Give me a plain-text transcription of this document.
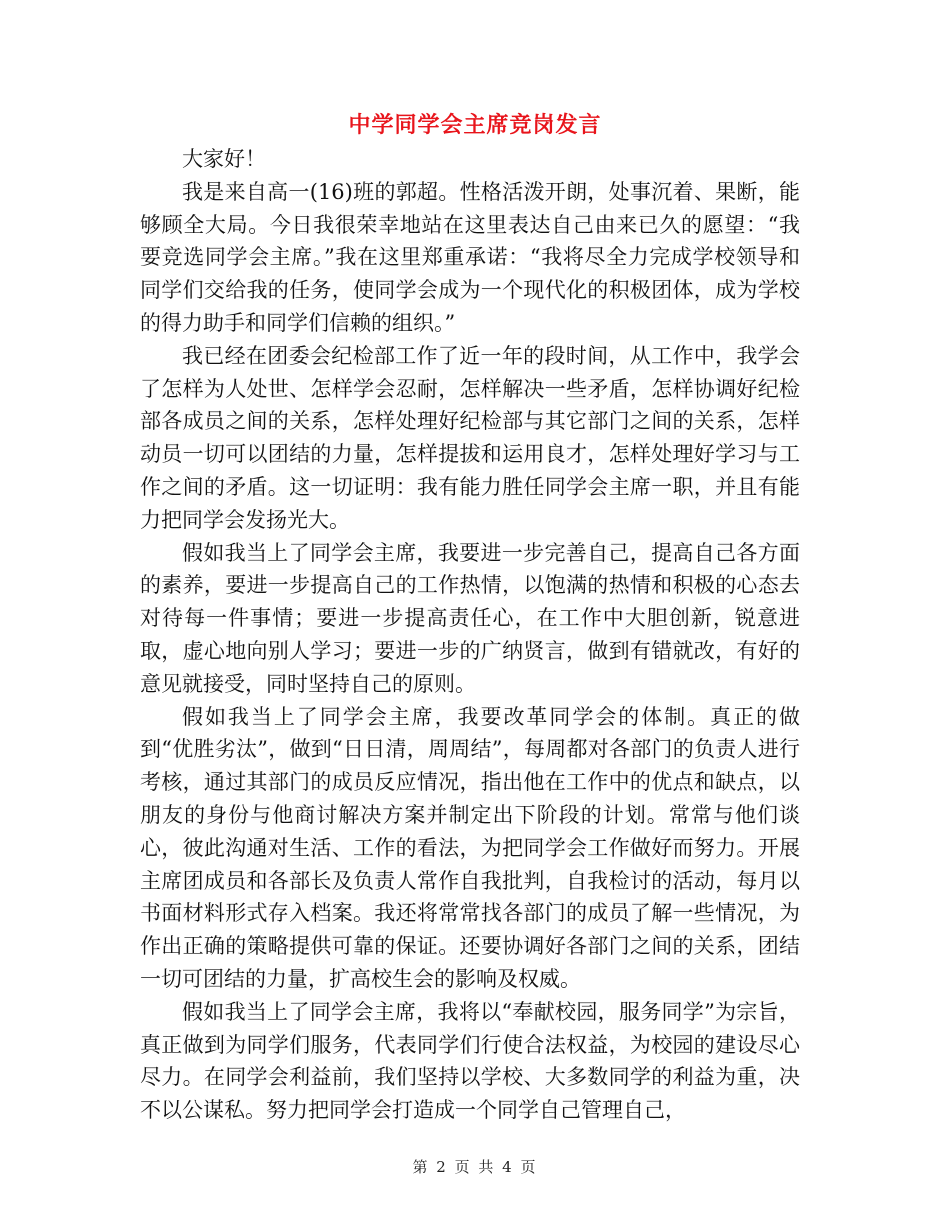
中学同学会主席竞岗发言

大家好！

我是来自高一(16)班的郭超。性格活泼开朗，处事沉着、果断，能够顾全大局。今日我很荣幸地站在这里表达自己由来已久的愿望：“我要竞选同学会主席。”我在这里郑重承诺：“我将尽全力完成学校领导和同学们交给我的任务，使同学会成为一个现代化的积极团体，成为学校的得力助手和同学们信赖的组织。”

我已经在团委会纪检部工作了近一年的段时间，从工作中，我学会了怎样为人处世、怎样学会忍耐，怎样解决一些矛盾，怎样协调好纪检部各成员之间的关系，怎样处理好纪检部与其它部门之间的关系，怎样动员一切可以团结的力量，怎样提拔和运用良才，怎样处理好学习与工作之间的矛盾。这一切证明：我有能力胜任同学会主席一职，并且有能力把同学会发扬光大。

假如我当上了同学会主席，我要进一步完善自己，提高自己各方面的素养，要进一步提高自己的工作热情，以饱满的热情和积极的心态去对待每一件事情；要进一步提高责任心，在工作中大胆创新，锐意进取，虚心地向别人学习；要进一步的广纳贤言，做到有错就改，有好的意见就接受，同时坚持自己的原则。

假如我当上了同学会主席，我要改革同学会的体制。真正的做到“优胜劣汰”，做到“日日清，周周结”，每周都对各部门的负责人进行考核，通过其部门的成员反应情况，指出他在工作中的优点和缺点，以朋友的身份与他商讨解决方案并制定出下阶段的计划。常常与他们谈心，彼此沟通对生活、工作的看法，为把同学会工作做好而努力。开展主席团成员和各部长及负责人常作自我批判，自我检讨的活动，每月以书面材料形式存入档案。我还将常常找各部门的成员了解一些情况，为作出正确的策略提供可靠的保证。还要协调好各部门之间的关系，团结一切可团结的力量，扩高校生会的影响及权威。

假如我当上了同学会主席，我将以“奉献校园，服务同学”为宗旨，真正做到为同学们服务，代表同学们行使合法权益，为校园的建设尽心尽力。在同学会利益前，我们坚持以学校、大多数同学的利益为重，决不以公谋私。努力把同学会打造成一个同学自己管理自己，

第 2 页 共 4 页
